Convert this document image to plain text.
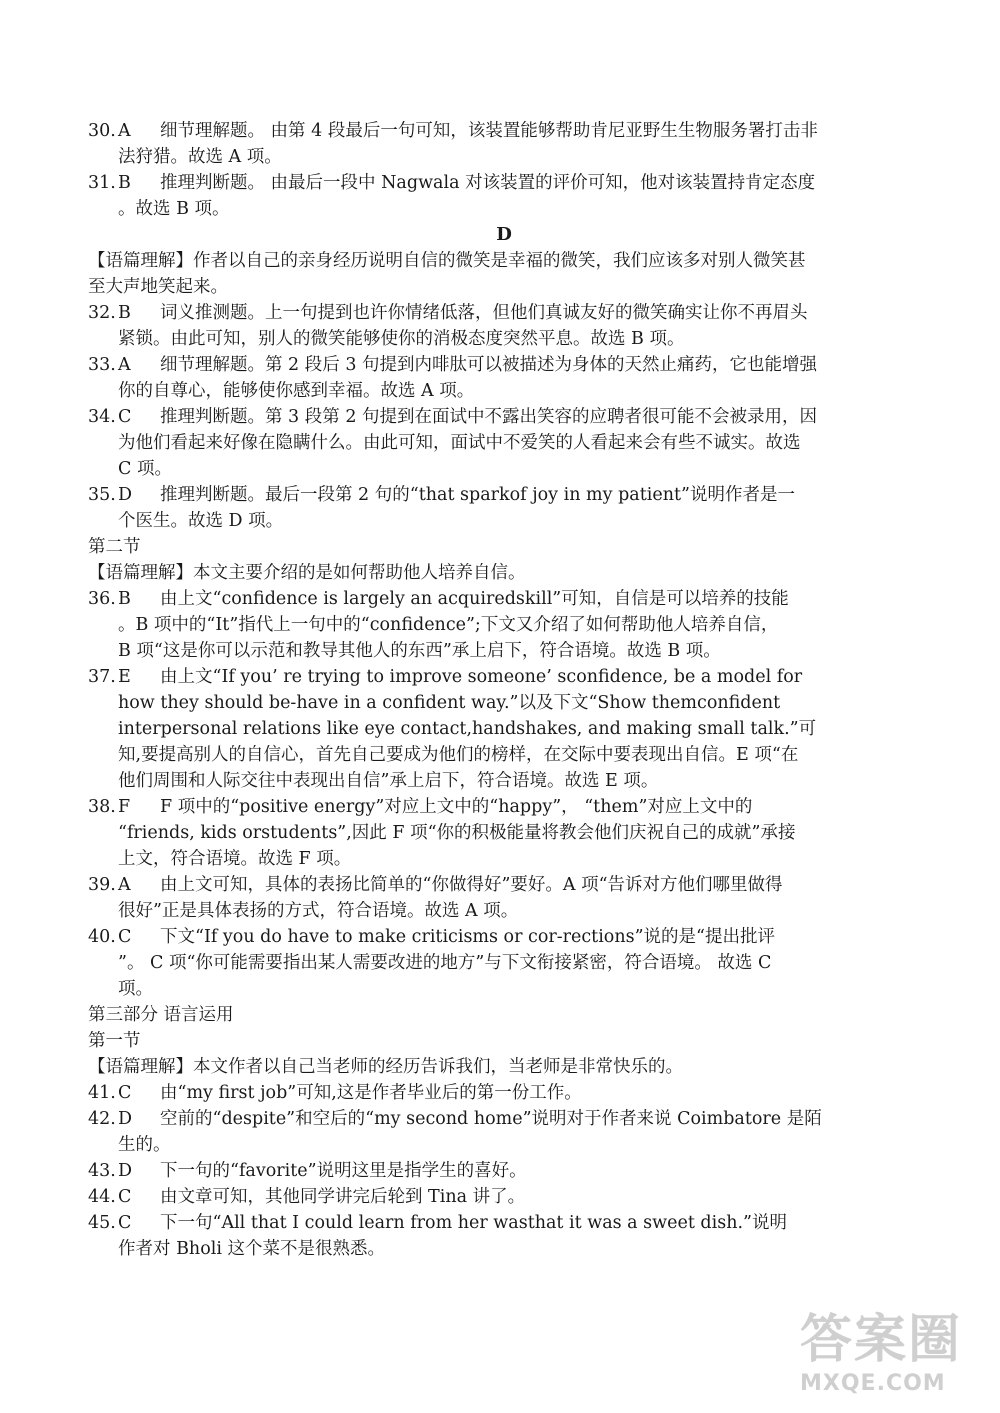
30. A 细节理解题。 由第 4 段最后一句可知，该装置能够帮助肯尼亚野生生物服务署打击非

法狩猎。故选 A 项。

31. B 推理判断题。 由最后一段中 Nagwala 对该装置的评价可知，他对该装置持肯定态度

。故选 B 项。

D

【语篇理解】作者以自己的亲身经历说明自信的微笑是幸福的微笑，我们应该多对别人微笑甚

至大声地笑起来。

32. B 词义推测题。上一句提到也许你情绪低落，但他们真诚友好的微笑确实让你不再眉头

紧锁。由此可知，别人的微笑能够使你的消极态度突然平息。故选 B 项。

33. A 细节理解题。第 2 段后 3 句提到内啡肽可以被描述为身体的天然止痛药，它也能增强

你的自尊心，能够使你感到幸福。故选 A 项。

34. C 推理判断题。第 3 段第 2 句提到在面试中不露出笑容的应聘者很可能不会被录用，因

为他们看起来好像在隐瞒什么。由此可知，面试中不爱笑的人看起来会有些不诚实。故选

C 项。

35. D 推理判断题。最后一段第 2 句的“that sparkof joy in my patient”说明作者是一

个医生。故选 D 项。

第二节

【语篇理解】本文主要介绍的是如何帮助他人培养自信。

36. B 由上文“confidence is largely an acquiredskill”可知，自信是可以培养的技能

。B 项中的“It”指代上一句中的“confidence”;下文又介绍了如何帮助他人培养自信，

B 项“这是你可以示范和教导其他人的东西”承上启下，符合语境。故选 B 项。

37. E 由上文“If you’ re trying to improve someone’ sconfidence, be a model for

how they should be-have in a confident way.”以及下文“Show themconfident

interpersonal relations like eye contact,handshakes, and making small talk.”可

知,要提高别人的自信心，首先自己要成为他们的榜样，在交际中要表现出自信。E 项“在

他们周围和人际交往中表现出自信”承上启下，符合语境。故选 E 项。

38. F F 项中的“positive energy”对应上文中的“happy”， “them”对应上文中的

“friends, kids orstudents”,因此 F 项“你的积极能量将教会他们庆祝自己的成就”承接

上文，符合语境。故选 F 项。

39. A 由上文可知，具体的表扬比简单的“你做得好”要好。A 项“告诉对方他们哪里做得

很好”正是具体表扬的方式，符合语境。故选 A 项。

40. C 下文“If you do have to make criticisms or cor-rections”说的是“提出批评

”。 C 项“你可能需要指出某人需要改进的地方”与下文衔接紧密，符合语境。 故选 C

项。

第三部分 语言运用

第一节

【语篇理解】本文作者以自己当老师的经历告诉我们，当老师是非常快乐的。

41. C 由“my first job”可知,这是作者毕业后的第一份工作。

42. D 空前的“despite”和空后的“my second home”说明对于作者来说 Coimbatore 是陌

生的。

43. D 下一句的“favorite”说明这里是指学生的喜好。

44. C 由文章可知，其他同学讲完后轮到 Tina 讲了。

45. C 下一句“All that I could learn from her wasthat it was a sweet dish.”说明

作者对 Bholi 这个菜不是很熟悉。

答案圈
MXQE.COM
